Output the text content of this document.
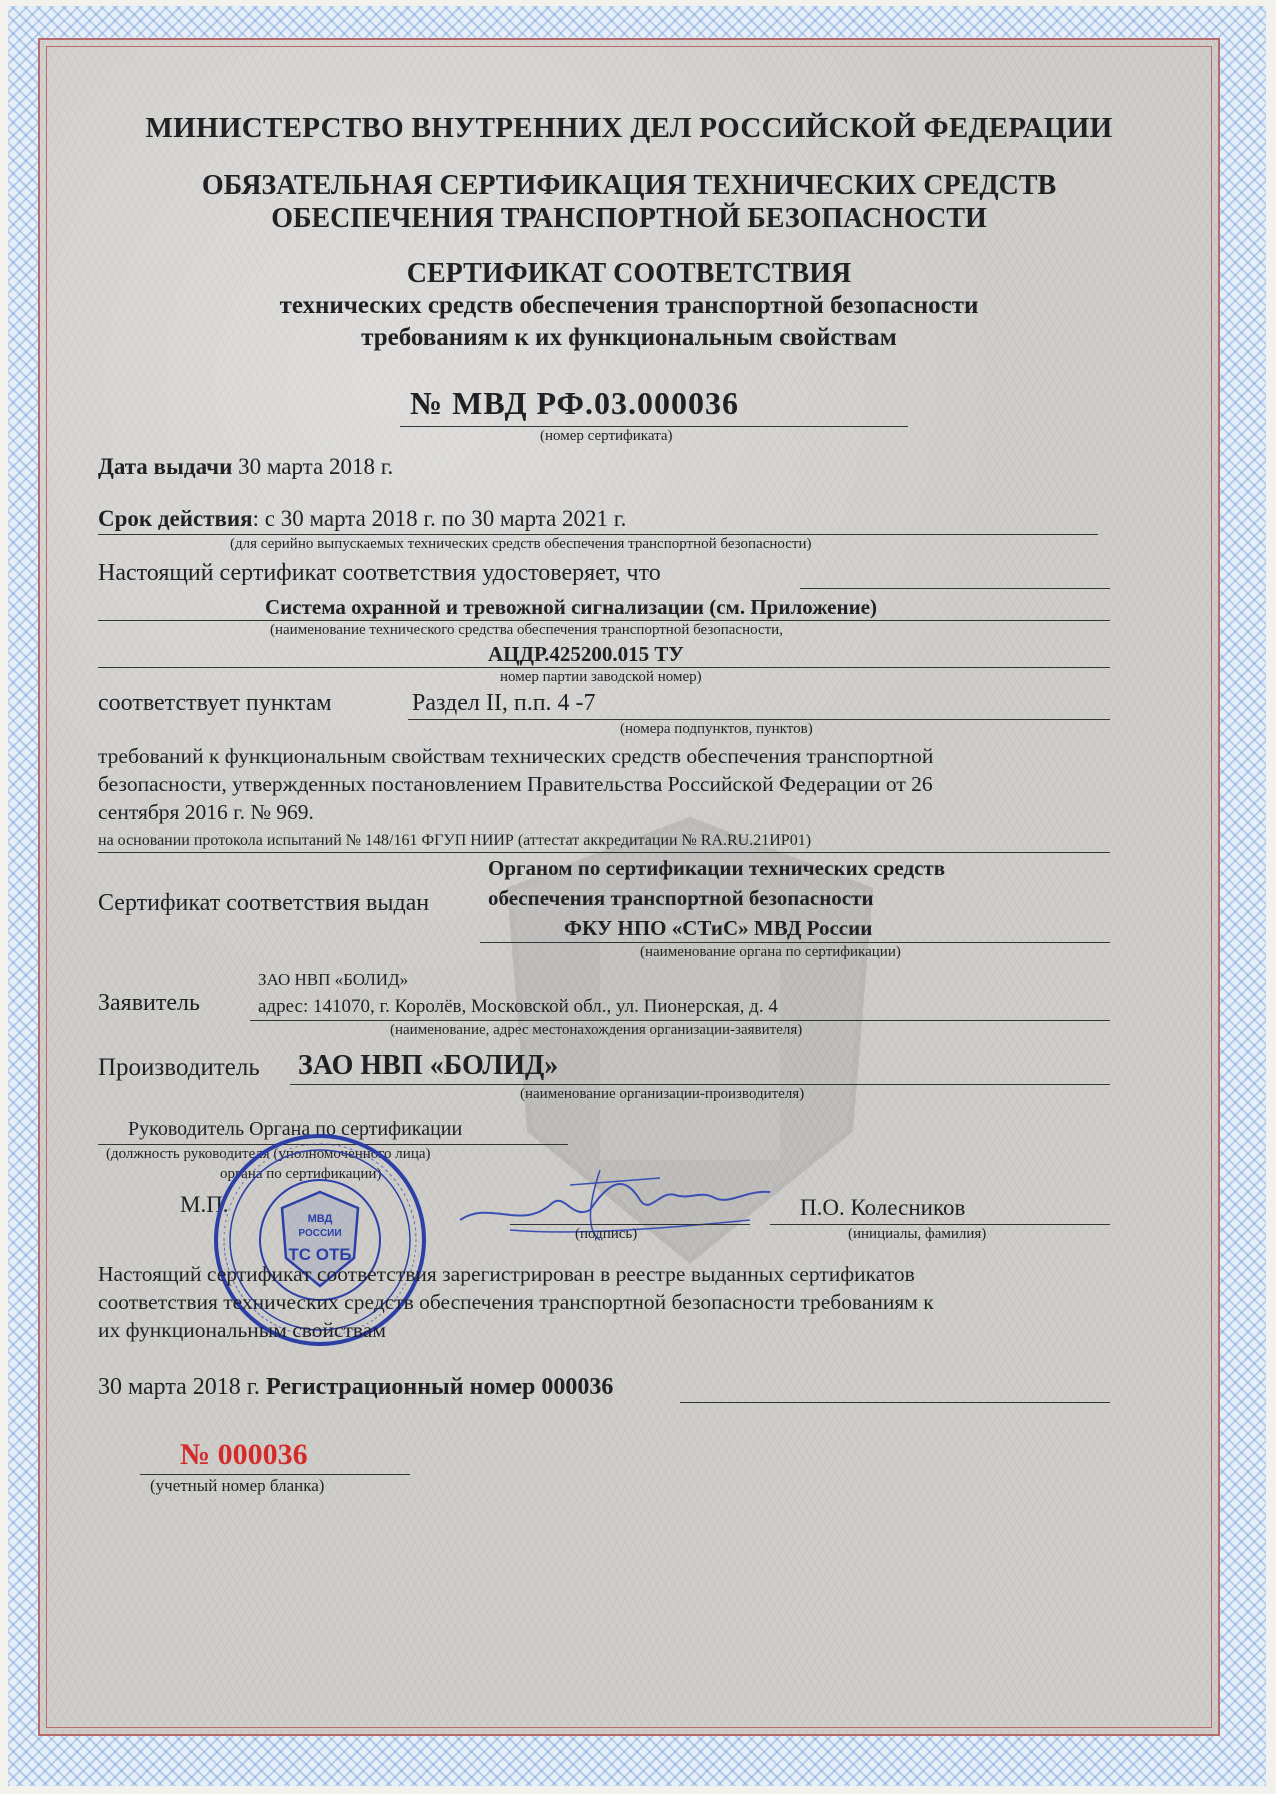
МИНИСТЕРСТВО ВНУТРЕННИХ ДЕЛ РОССИЙСКОЙ ФЕДЕРАЦИИ
ОБЯЗАТЕЛЬНАЯ СЕРТИФИКАЦИЯ ТЕХНИЧЕСКИХ СРЕДСТВ
ОБЕСПЕЧЕНИЯ ТРАНСПОРТНОЙ БЕЗОПАСНОСТИ
СЕРТИФИКАТ СООТВЕТСТВИЯ
технических средств обеспечения транспортной безопасности
требованиям к их функциональным свойствам
№ МВД РФ.03.000036
(номер сертификата)
Дата выдачи 30 марта 2018 г.
Срок действия: с 30 марта 2018 г. по 30 марта 2021 г.
(для серийно выпускаемых технических средств обеспечения транспортной безопасности)
Настоящий сертификат соответствия удостоверяет, что
Система охранной и тревожной сигнализации (см. Приложение)
(наименование технического средства обеспечения транспортной безопасности,
АЦДР.425200.015 ТУ
номер партии заводской номер)
соответствует пунктам	Раздел II, п.п. 4 -7
(номера подпунктов, пунктов)
требований к функциональным свойствам технических средств обеспечения транспортной
безопасности, утвержденных постановлением Правительства Российской Федерации от 26
сентября 2016 г. № 969.
на основании протокола испытаний № 148/161 ФГУП НИИР (аттестат аккредитации № RA.RU.21ИР01)
Сертификат соответствия выдан
Органом по сертификации технических средств
обеспечения транспортной безопасности
ФКУ НПО «СТиС» МВД России
(наименование органа по сертификации)
Заявитель
ЗАО НВП «БОЛИД»
адрес: 141070, г. Королёв, Московской обл., ул. Пионерская, д. 4
(наименование, адрес местонахождения организации-заявителя)
Производитель ЗАО НВП «БОЛИД»
(наименование организации-производителя)
Руководитель Органа по сертификации
(должность руководителя (уполномоченного лица)
органа по сертификации)
М.П.
(подпись)
П.О. Колесников
(инициалы, фамилия)
МВД
РОССИИ
ТС ОТБ
Настоящий сертификат соответствия зарегистрирован в реестре выданных сертификатов
соответствия технических средств обеспечения транспортной безопасности требованиям к
их функциональным свойствам
30 марта 2018 г. Регистрационный номер 000036
№ 000036
(учетный номер бланка)
